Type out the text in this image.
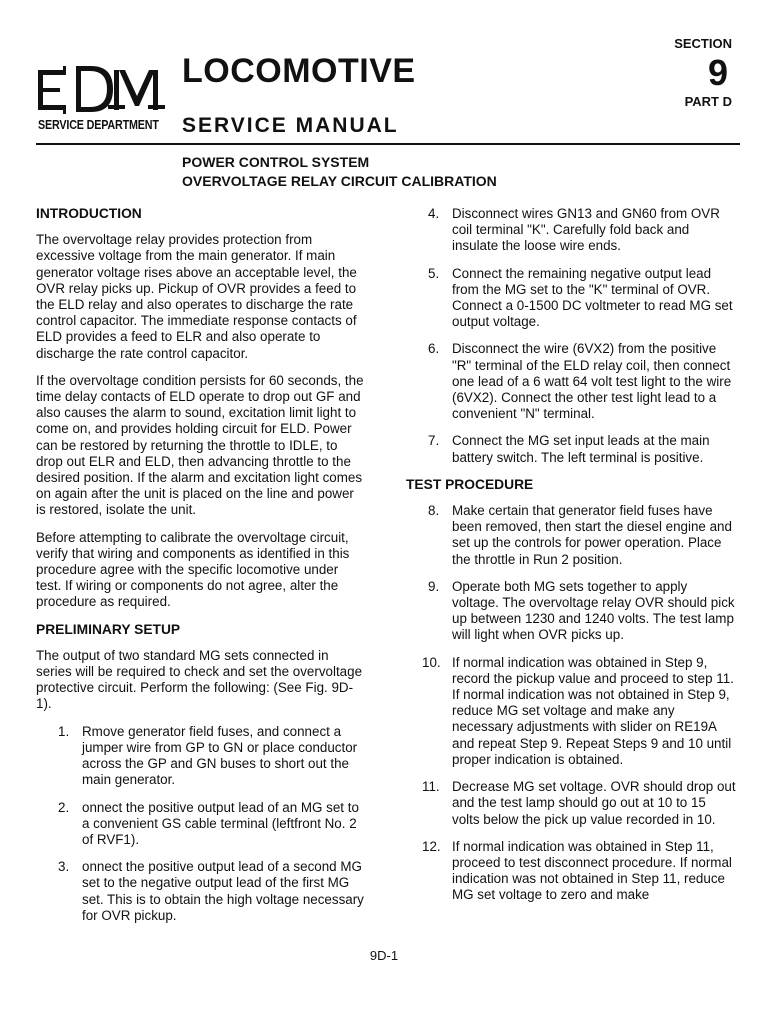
SERVICE DEPARTMENT
LOCOMOTIVE
SERVICE MANUAL
SECTION
9
PART D
POWER CONTROL SYSTEM
OVERVOLTAGE RELAY CIRCUIT CALIBRATION
INTRODUCTION

The overvoltage relay provides protection from excessive voltage from the main generator. If main generator voltage rises above an acceptable level, the OVR relay picks up. Pickup of OVR provides a feed to the ELD relay and also operates to discharge the rate control capacitor. The immediate response contacts of ELD provides a feed to ELR and also operate to discharge the rate control capacitor.

If the overvoltage condition persists for 60 seconds, the time delay contacts of ELD operate to drop out GF and also causes the alarm to sound, excitation limit light to come on, and provides holding circuit for ELD. Power can be restored by returning the throttle to IDLE, to drop out ELR and ELD, then advancing throttle to the desired position. If the alarm and excitation light comes on again after the unit is placed on the line and power is restored, isolate the unit.

Before attempting to calibrate the overvoltage circuit, verify that wiring and components as identified in this procedure agree with the specific locomotive under test. If wiring or components do not agree, alter the procedure as required.

PRELIMINARY SETUP

The output of two standard MG sets connected in series will be required to check and set the overvoltage protective circuit. Perform the following: (See Fig. 9D-1).

1. Rmove generator field fuses, and connect a jumper wire from GP to GN or place conductor across the GP and GN buses to short out the main generator.
2. onnect the positive output lead of an MG set to a convenient GS cable terminal (leftfront No. 2 of RVF1).
3. onnect the positive output lead of a second MG set to the negative output lead of the first MG set. This is to obtain the high voltage necessary for OVR pickup.
4. Disconnect wires GN13 and GN60 from OVR coil terminal "K". Carefully fold back and insulate the loose wire ends.
5. Connect the remaining negative output lead from the MG set to the "K" terminal of OVR. Connect a 0-1500 DC voltmeter to read MG set output voltage.
6. Disconnect the wire (6VX2) from the positive "R" terminal of the ELD relay coil, then connect one lead of a 6 watt 64 volt test light to the wire (6VX2). Connect the other test light lead to a convenient "N" terminal.
7. Connect the MG set input leads at the main battery switch. The left terminal is positive.
TEST PROCEDURE
8. Make certain that generator field fuses have been removed, then start the diesel engine and set up the controls for power operation. Place the throttle in Run 2 position.
9. Operate both MG sets together to apply voltage. The overvoltage relay OVR should pick up between 1230 and 1240 volts. The test lamp will light when OVR picks up.
10. If normal indication was obtained in Step 9, record the pickup value and proceed to step 11. If normal indication was not obtained in Step 9, reduce MG set voltage and make any necessary adjustments with slider on RE19A and repeat Step 9. Repeat Steps 9 and 10 until proper indication is obtained.
11. Decrease MG set voltage. OVR should drop out and the test lamp should go out at 10 to 15 volts below the pick up value recorded in 10.
12. If normal indication was obtained in Step 11, proceed to test disconnect procedure. If normal indication was not obtained in Step 11, reduce MG set voltage to zero and make
9D-1
